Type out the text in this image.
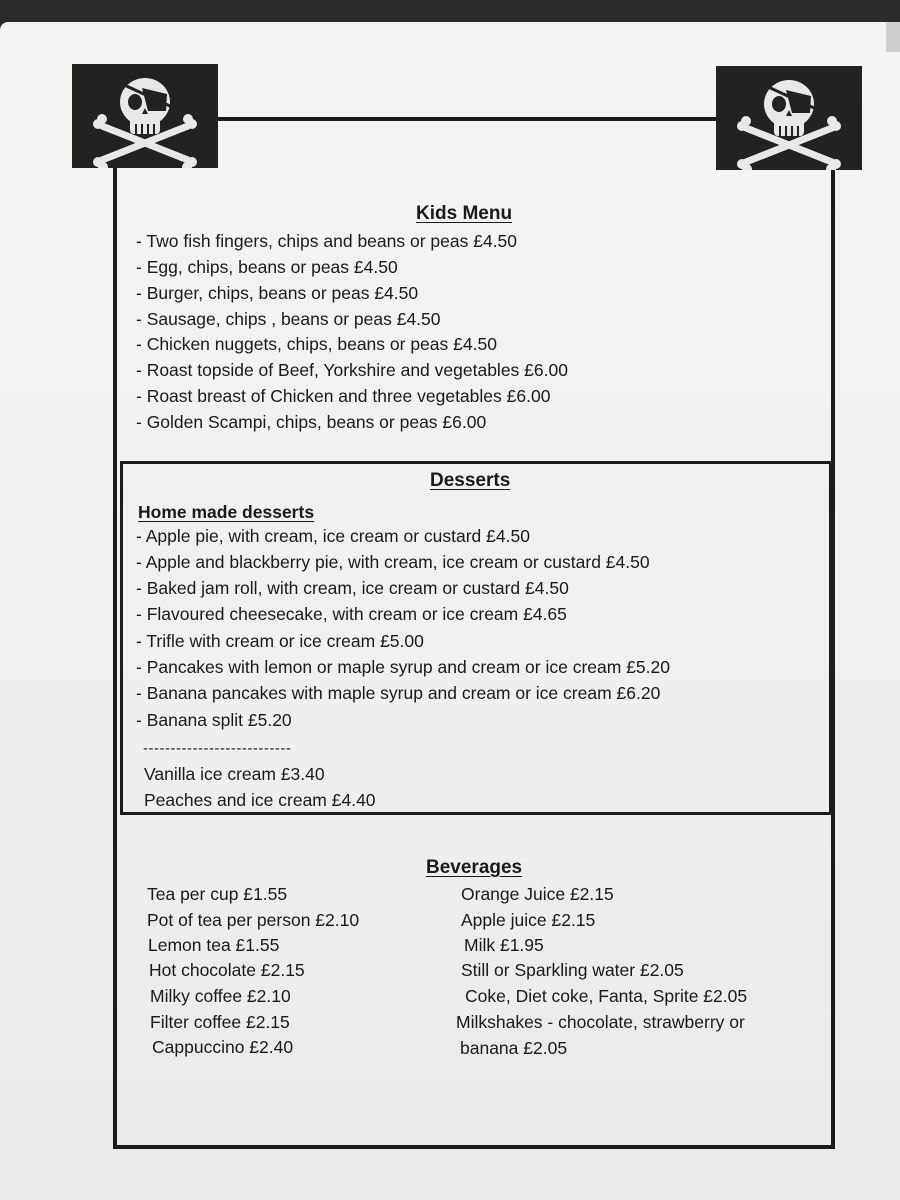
Kids Menu
- Two fish fingers, chips and beans or peas £4.50
- Egg, chips, beans or peas £4.50
- Burger, chips, beans or peas £4.50
- Sausage, chips , beans or peas £4.50
- Chicken nuggets, chips, beans or peas £4.50
- Roast topside of Beef, Yorkshire and vegetables £6.00
- Roast breast of Chicken and three vegetables £6.00
- Golden Scampi, chips, beans or peas £6.00
Desserts
Home made desserts
- Apple pie, with cream, ice cream or custard £4.50
- Apple and blackberry pie, with cream, ice cream or custard £4.50
- Baked jam roll, with cream, ice cream or custard £4.50
- Flavoured cheesecake, with cream or ice cream £4.65
- Trifle with cream or ice cream £5.00
- Pancakes with lemon or maple syrup and cream or ice cream £5.20
- Banana pancakes with maple syrup and cream or ice cream £6.20
- Banana split £5.20
---------------------------
Vanilla ice cream £3.40
Peaches and ice cream £4.40
Beverages
Tea per cup £1.55
Pot of tea per person £2.10
Lemon tea £1.55
Hot chocolate £2.15
Milky coffee £2.10
Filter coffee £2.15
Cappuccino £2.40
Orange Juice £2.15
Apple juice £2.15
Milk £1.95
Still or Sparkling water £2.05
Coke, Diet coke, Fanta, Sprite £2.05
Milkshakes - chocolate, strawberry or
banana £2.05
